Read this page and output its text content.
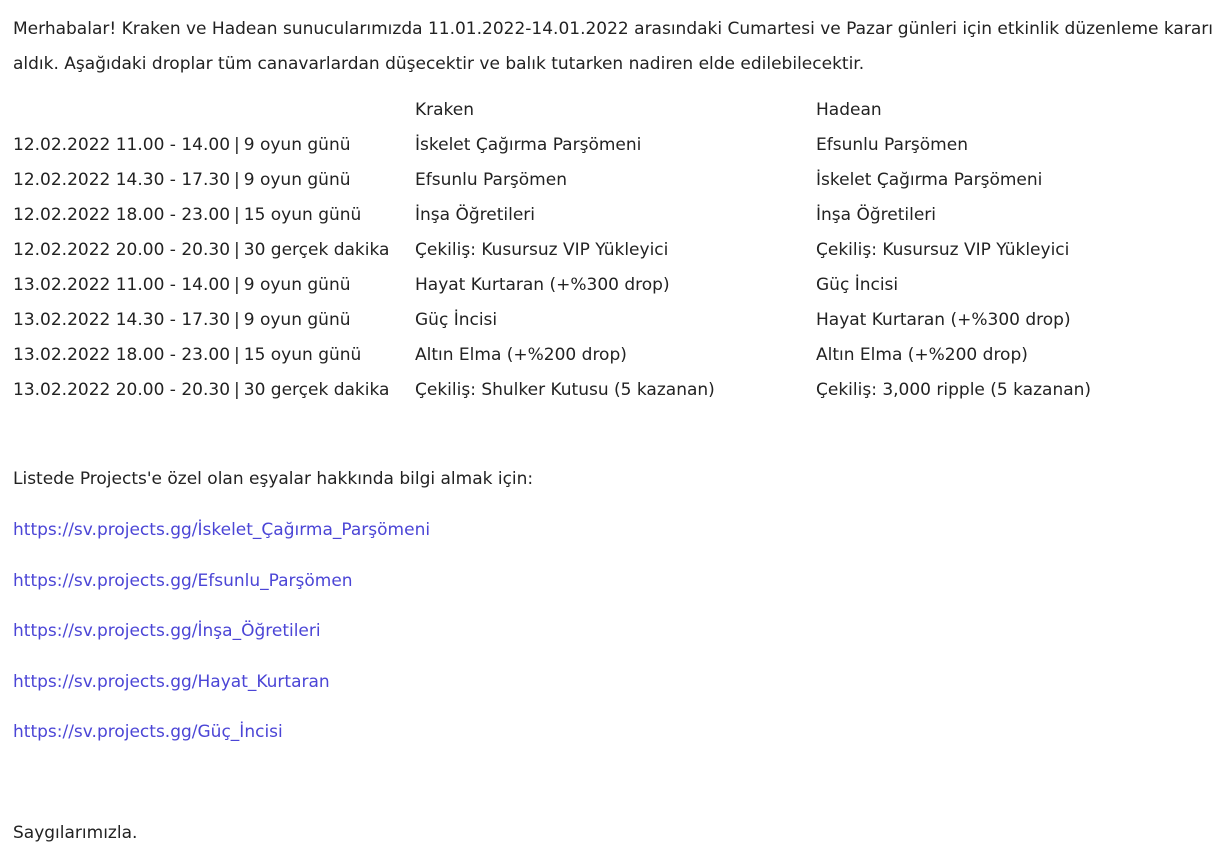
Merhabalar! Kraken ve Hadean sunucularımızda 11.01.2022-14.01.2022 arasındaki Cumartesi ve Pazar günleri için etkinlik düzenleme kararı aldık. Aşağıdaki droplar tüm canavarlardan düşecektir ve balık tutarken nadiren elde edilebilecektir.

	Kraken	Hadean
12.02.2022 11.00 - 14.00 | 9 oyun günü	İskelet Çağırma Parşömeni	Efsunlu Parşömen
12.02.2022 14.30 - 17.30 | 9 oyun günü	Efsunlu Parşömen	İskelet Çağırma Parşömeni
12.02.2022 18.00 - 23.00 | 15 oyun günü	İnşa Öğretileri	İnşa Öğretileri
12.02.2022 20.00 - 20.30 | 30 gerçek dakika	Çekiliş: Kusursuz VIP Yükleyici	Çekiliş: Kusursuz VIP Yükleyici
13.02.2022 11.00 - 14.00 | 9 oyun günü	Hayat Kurtaran (+%300 drop)	Güç İncisi
13.02.2022 14.30 - 17.30 | 9 oyun günü	Güç İncisi	Hayat Kurtaran (+%300 drop)
13.02.2022 18.00 - 23.00 | 15 oyun günü	Altın Elma (+%200 drop)	Altın Elma (+%200 drop)
13.02.2022 20.00 - 20.30 | 30 gerçek dakika	Çekiliş: Shulker Kutusu (5 kazanan)	Çekiliş: 3,000 ripple (5 kazanan)

Listede Projects'e özel olan eşyalar hakkında bilgi almak için:

https://sv.projects.gg/İskelet_Çağırma_Parşömeni
https://sv.projects.gg/Efsunlu_Parşömen
https://sv.projects.gg/İnşa_Öğretileri
https://sv.projects.gg/Hayat_Kurtaran
https://sv.projects.gg/Güç_İncisi

Saygılarımızla.
